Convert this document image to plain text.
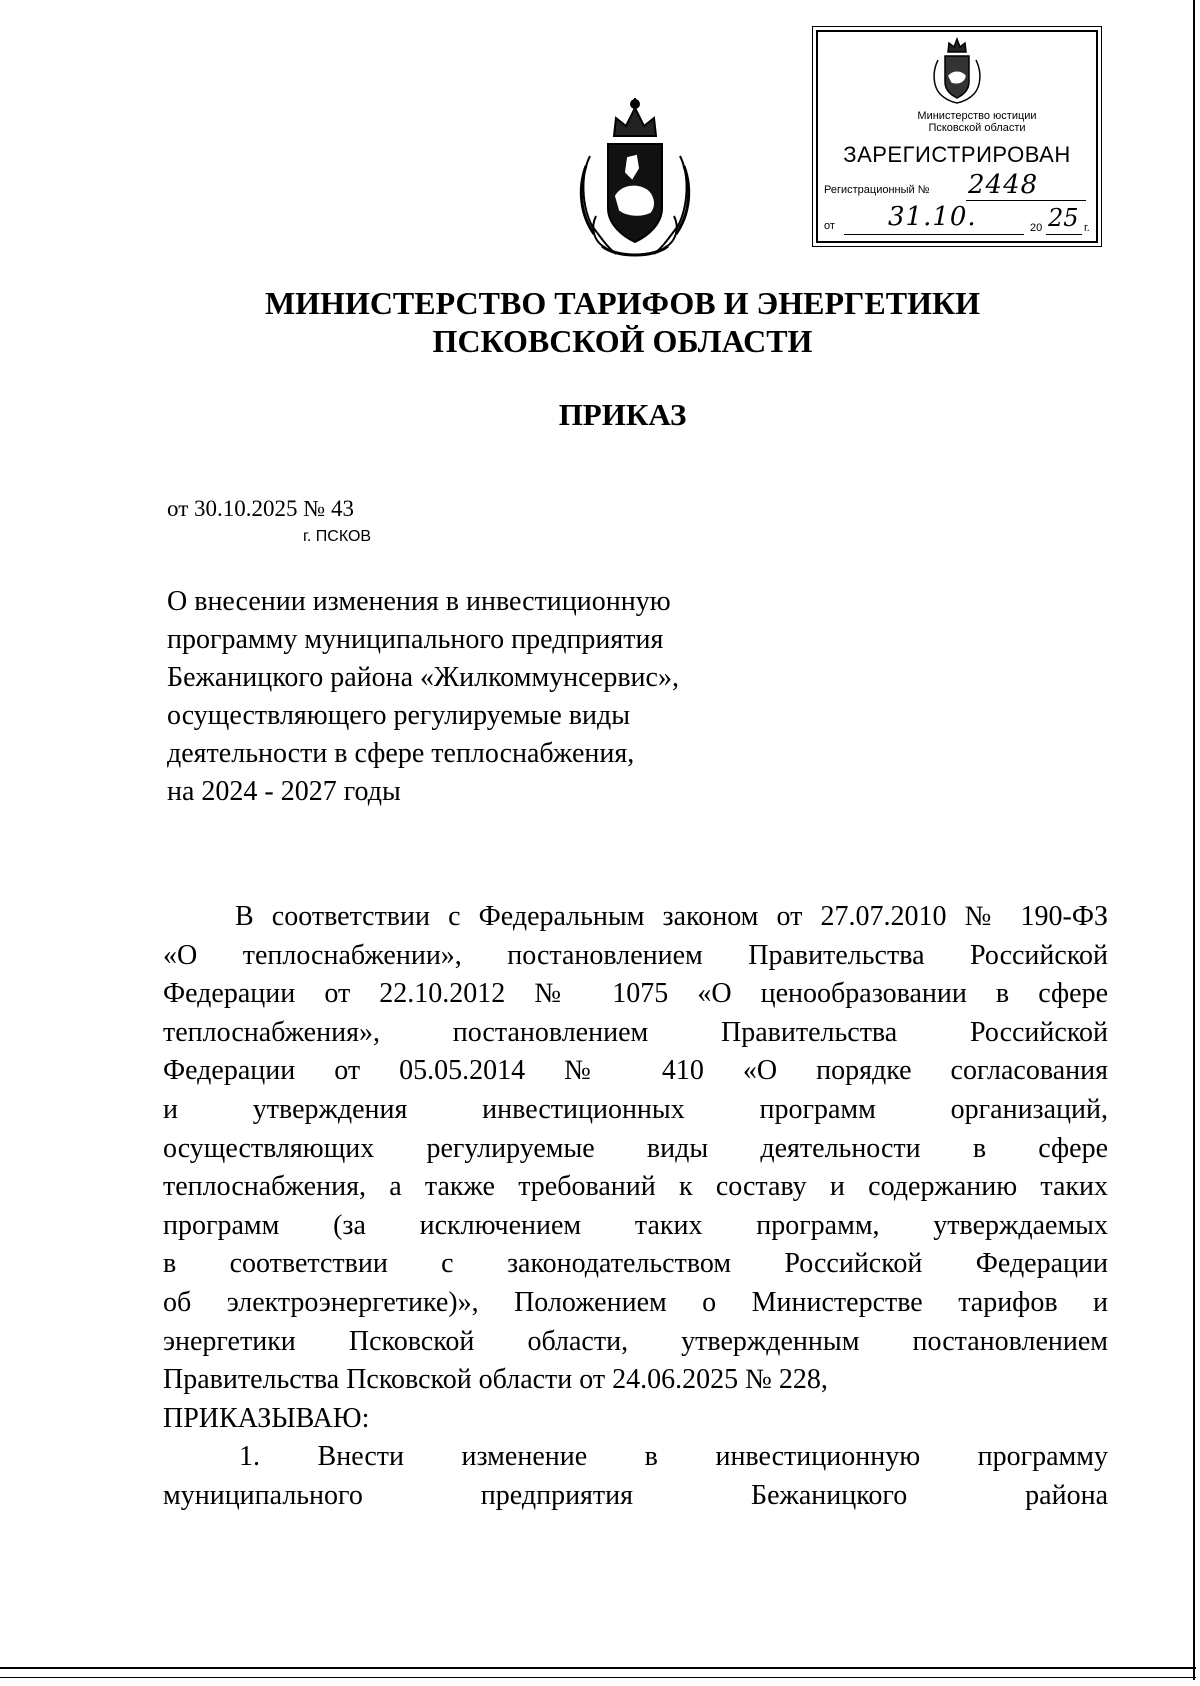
Министерство юстиции
Псковской области
ЗАРЕГИСТРИРОВАН
Регистрационный № 2448
от 31.10.	20 25 г.
МИНИСТЕРСТВО ТАРИФОВ И ЭНЕРГЕТИКИ
ПСКОВСКОЙ ОБЛАСТИ
ПРИКАЗ
от 30.10.2025 № 43
г. ПСКОВ
О внесении изменения в инвестиционную
программу муниципального предприятия
Бежаницкого района «Жилкоммунсервис»,
осуществляющего регулируемые виды
деятельности в сфере теплоснабжения,
на 2024 - 2027 годы
В соответствии с Федеральным законом от 27.07.2010 № 190-ФЗ
«О теплоснабжении», постановлением Правительства Российской
Федерации от 22.10.2012 № 1075 «О ценообразовании в сфере
теплоснабжения», постановлением Правительства Российской
Федерации от 05.05.2014 № 410 «О порядке согласования
и утверждения инвестиционных программ организаций,
осуществляющих регулируемые виды деятельности в сфере
теплоснабжения, а также требований к составу и содержанию таких
программ (за исключением таких программ, утверждаемых
в соответствии с законодательством Российской Федерации
об электроэнергетике)», Положением о Министерстве тарифов и
энергетики Псковской области, утвержденным постановлением
Правительства Псковской области от 24.06.2025 № 228,
ПРИКАЗЫВАЮ:
1. Внести изменение в инвестиционную программу
муниципального предприятия Бежаницкого района
